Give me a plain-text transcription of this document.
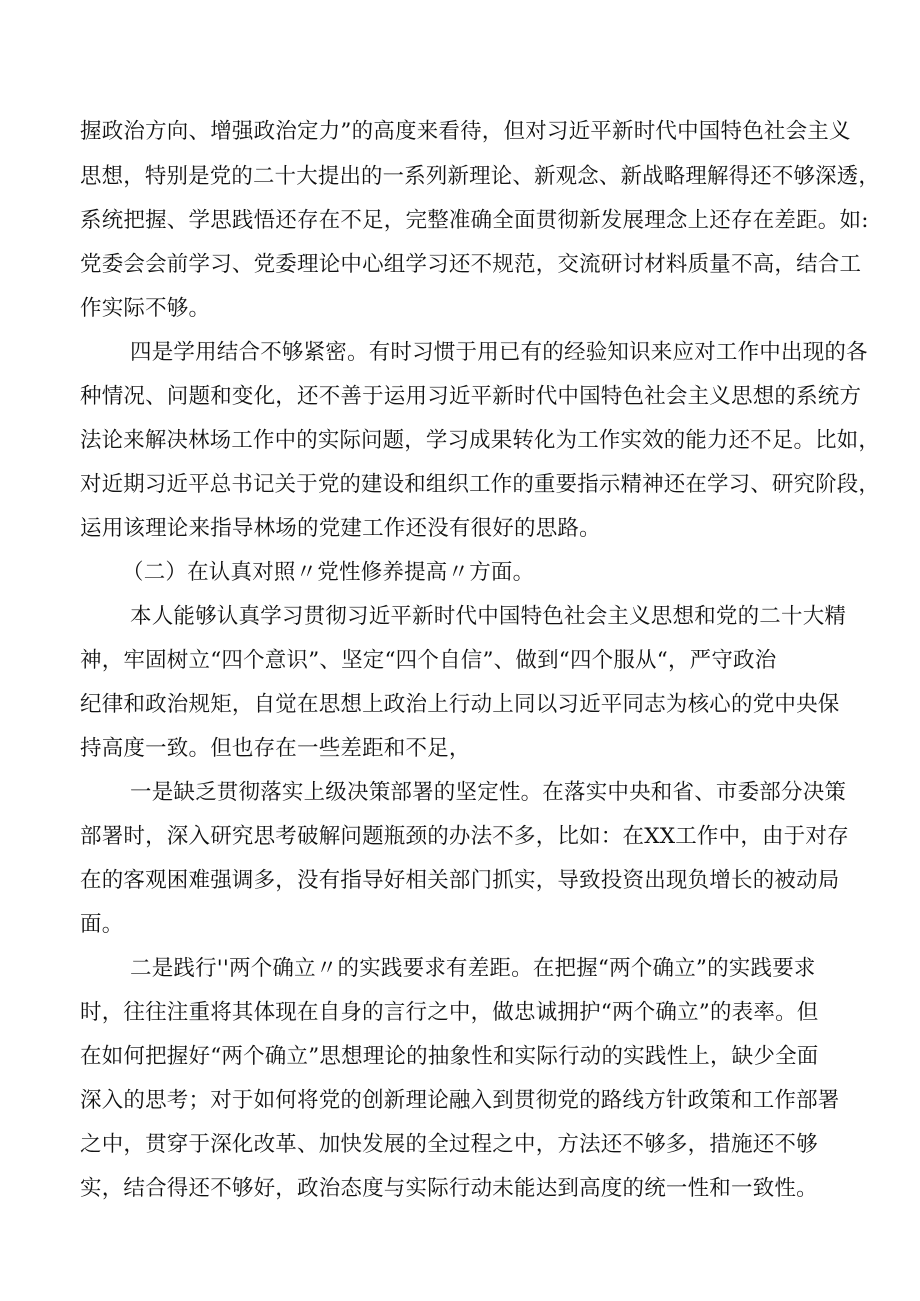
握政治方向、增强政治定力”的高度来看待，但对习近平新时代中国特色社会主义
思想，特别是党的二十大提出的一系列新理论、新观念、新战略理解得还不够深透，
系统把握、学思践悟还存在不足，完整准确全面贯彻新发展理念上还存在差距。如:
党委会会前学习、党委理论中心组学习还不规范，交流研讨材料质量不高，结合工
作实际不够。
四是学用结合不够紧密。有时习惯于用已有的经验知识来应对工作中出现的各
种情况、问题和变化，还不善于运用习近平新时代中国特色社会主义思想的系统方
法论来解决林场工作中的实际问题，学习成果转化为工作实效的能力还不足。比如，
对近期习近平总书记关于党的建设和组织工作的重要指示精神还在学习、研究阶段，
运用该理论来指导林场的党建工作还没有很好的思路。
（二）在认真对照〃党性修养提高〃方面。
本人能够认真学习贯彻习近平新时代中国特色社会主义思想和党的二十大精
神，牢固树立“四个意识”、坚定“四个自信”、做到“四个服从“，严守政治
纪律和政治规矩，自觉在思想上政治上行动上同以习近平同志为核心的党中央保
持高度一致。但也存在一些差距和不足，
一是缺乏贯彻落实上级决策部署的坚定性。在落实中央和省、市委部分决策
部署时，深入研究思考破解问题瓶颈的办法不多，比如：在XX工作中，由于对存
在的客观困难强调多，没有指导好相关部门抓实，导致投资出现负增长的被动局
面。
二是践行''两个确立〃的实践要求有差距。在把握“两个确立”的实践要求
时，往往注重将其体现在自身的言行之中，做忠诚拥护“两个确立”的表率。但
在如何把握好“两个确立”思想理论的抽象性和实际行动的实践性上，缺少全面
深入的思考；对于如何将党的创新理论融入到贯彻党的路线方针政策和工作部署
之中，贯穿于深化改革、加快发展的全过程之中，方法还不够多，措施还不够
实，结合得还不够好，政治态度与实际行动未能达到高度的统一性和一致性。
